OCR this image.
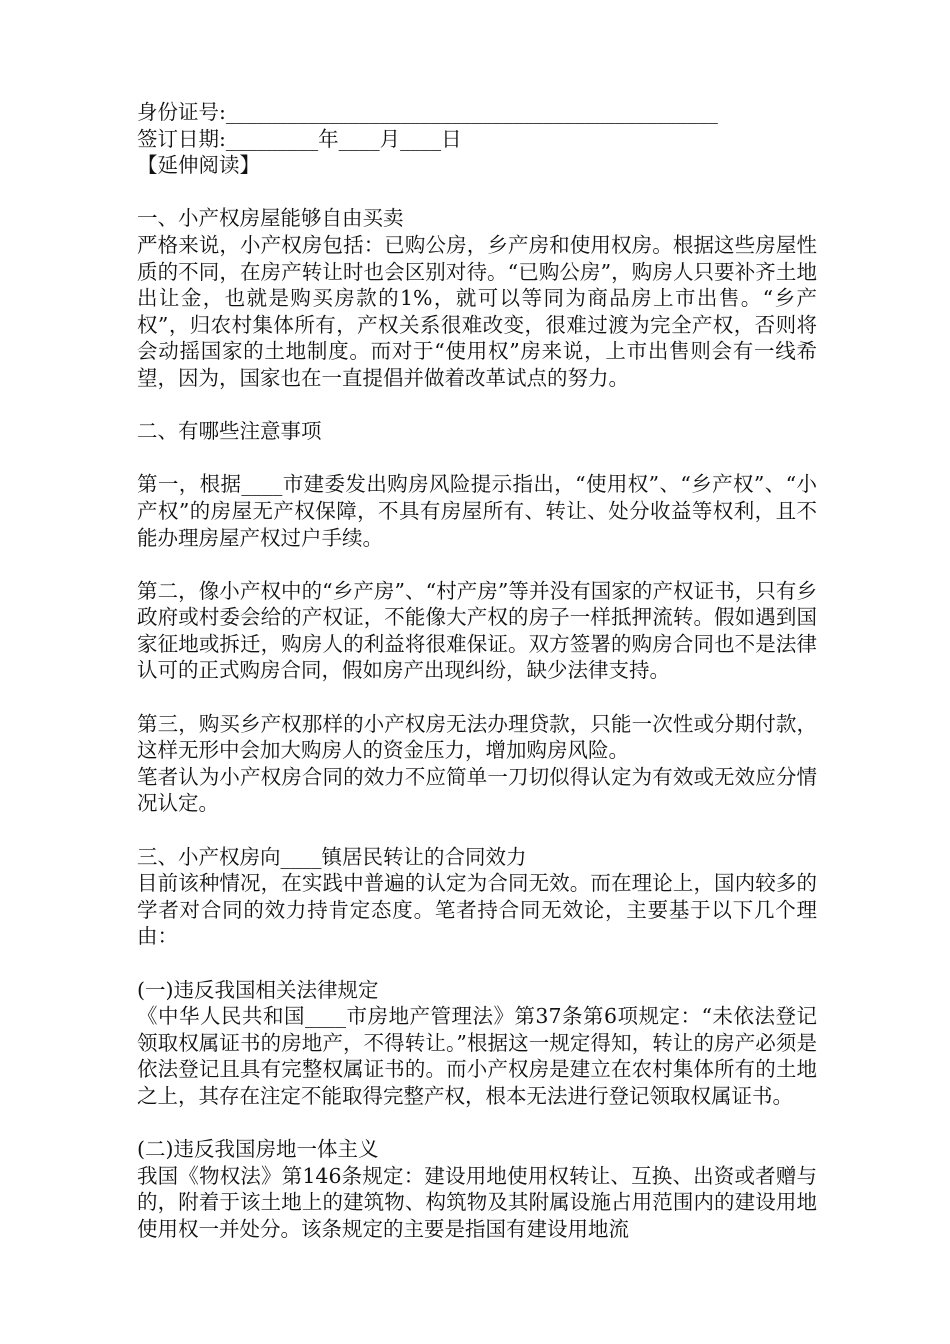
身份证号:________________________________________________
签订日期:_________年____月____日
【延伸阅读】
一、小产权房屋能够自由买卖
严格来说，小产权房包括：已购公房，乡产房和使用权房。根据这些房屋性质的不同，在房产转让时也会区别对待。“已购公房”，购房人只要补齐土地出让金，也就是购买房款的1%，就可以等同为商品房上市出售。“乡产权”，归农村集体所有，产权关系很难改变，很难过渡为完全产权，否则将会动摇国家的土地制度。而对于“使用权”房来说，上市出售则会有一线希望，因为，国家也在一直提倡并做着改革试点的努力。
二、有哪些注意事项
第一，根据____市建委发出购房风险提示指出，“使用权”、“乡产权”、“小产权”的房屋无产权保障，不具有房屋所有、转让、处分收益等权利，且不能办理房屋产权过户手续。
第二，像小产权中的“乡产房”、“村产房”等并没有国家的产权证书，只有乡政府或村委会给的产权证，不能像大产权的房子一样抵押流转。假如遇到国家征地或拆迁，购房人的利益将很难保证。双方签署的购房合同也不是法律认可的正式购房合同，假如房产出现纠纷，缺少法律支持。
第三，购买乡产权那样的小产权房无法办理贷款，只能一次性或分期付款，这样无形中会加大购房人的资金压力，增加购房风险。
笔者认为小产权房合同的效力不应简单一刀切似得认定为有效或无效应分情况认定。
三、小产权房向____镇居民转让的合同效力
目前该种情况，在实践中普遍的认定为合同无效。而在理论上，国内较多的学者对合同的效力持肯定态度。笔者持合同无效论，主要基于以下几个理由：
(一)违反我国相关法律规定
《中华人民共和国____市房地产管理法》第37条第6项规定：“未依法登记领取权属证书的房地产，不得转让。”根据这一规定得知，转让的房产必须是依法登记且具有完整权属证书的。而小产权房是建立在农村集体所有的土地之上，其存在注定不能取得完整产权，根本无法进行登记领取权属证书。
(二)违反我国房地一体主义
我国《物权法》第146条规定：建设用地使用权转让、互换、出资或者赠与的，附着于该土地上的建筑物、构筑物及其附属设施占用范围内的建设用地使用权一并处分。该条规定的主要是指国有建设用地流
